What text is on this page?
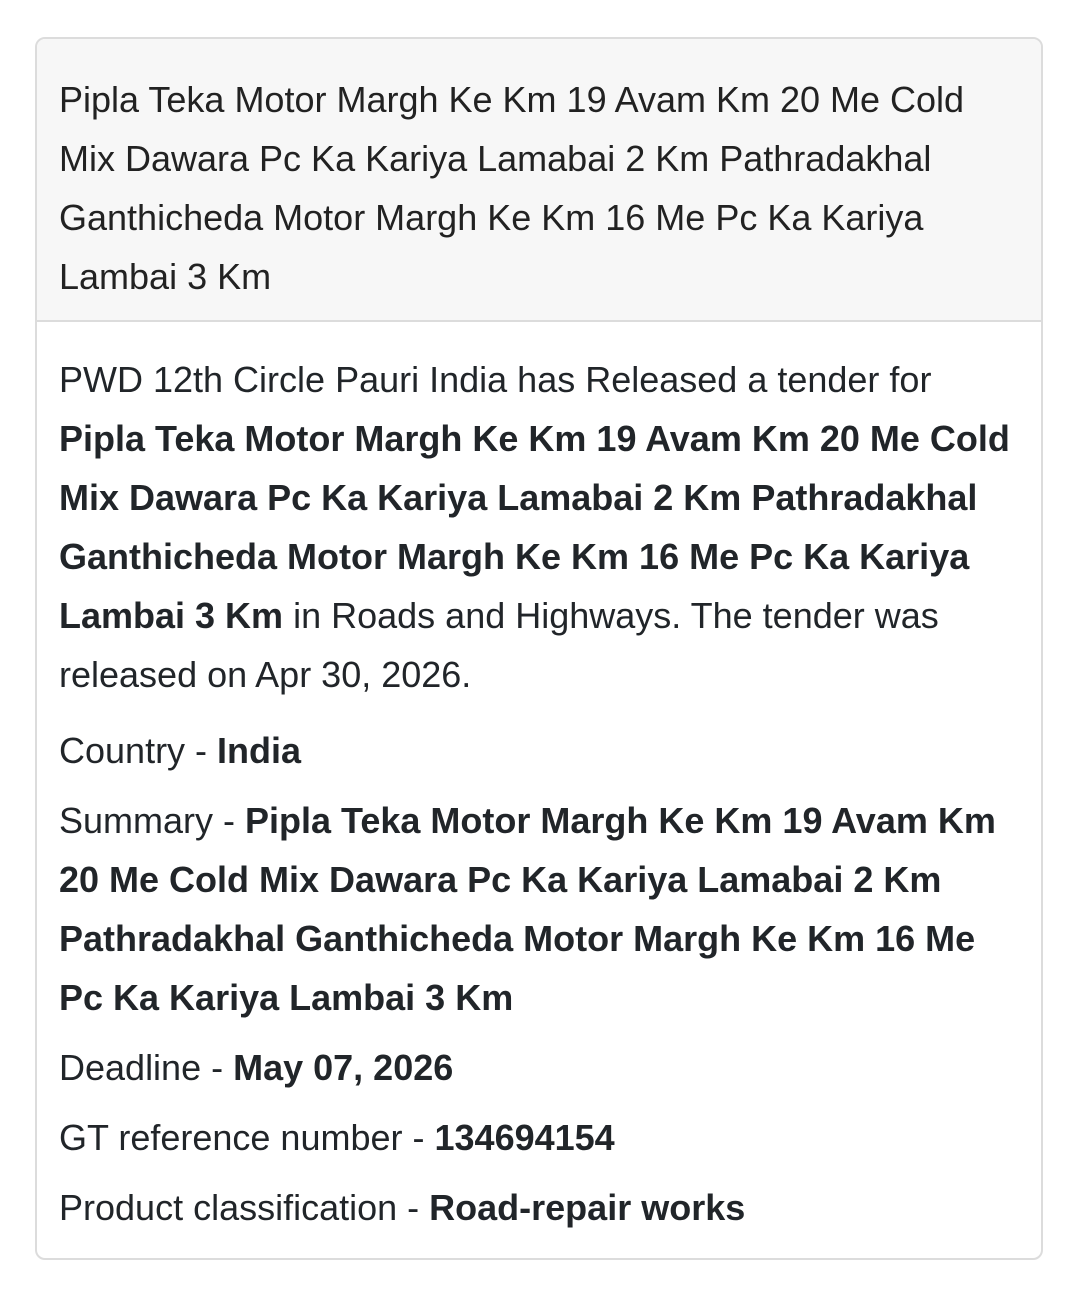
Pipla Teka Motor Margh Ke Km 19 Avam Km 20 Me Cold Mix Dawara Pc Ka Kariya Lamabai 2 Km Pathradakhal Ganthicheda Motor Margh Ke Km 16 Me Pc Ka Kariya Lambai 3 Km

PWD 12th Circle Pauri India has Released a tender for Pipla Teka Motor Margh Ke Km 19 Avam Km 20 Me Cold Mix Dawara Pc Ka Kariya Lamabai 2 Km Pathradakhal Ganthicheda Motor Margh Ke Km 16 Me Pc Ka Kariya Lambai 3 Km in Roads and Highways. The tender was released on Apr 30, 2026.

Country - India
Summary - Pipla Teka Motor Margh Ke Km 19 Avam Km 20 Me Cold Mix Dawara Pc Ka Kariya Lamabai 2 Km Pathradakhal Ganthicheda Motor Margh Ke Km 16 Me Pc Ka Kariya Lambai 3 Km
Deadline - May 07, 2026
GT reference number - 134694154
Product classification - Road-repair works
